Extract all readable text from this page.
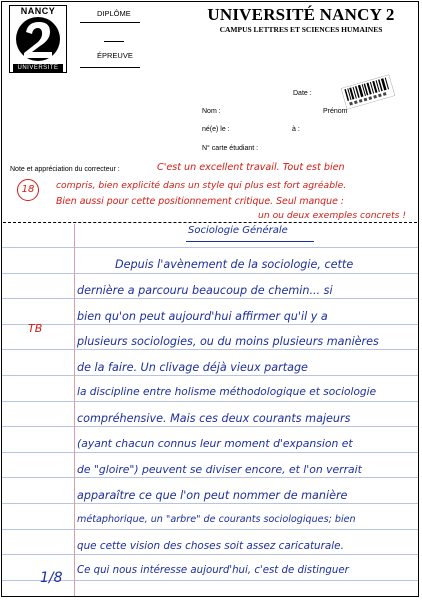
NANCY
UNIVERSITÉ
DIPLÔME
ÉPREUVE
UNIVERSITÉ NANCY 2
CAMPUS LETTRES ET SCIENCES HUMAINES
Date :
Nom :	Prénom
né(e) le :	à :
N° carte étudiant :
Note et appréciation du correcteur :
18
C'est un excellent travail. Tout est bien
compris, bien explicité dans un style qui plus est fort agréable.
Bien aussi pour cette positionnement critique. Seul manque :
un ou deux exemples concrets !
Sociologie Générale
TB
Depuis l'avènement de la sociologie, cette
dernière a parcouru beaucoup de chemin... si
bien qu'on peut aujourd'hui affirmer qu'il y a
plusieurs sociologies, ou du moins plusieurs manières
de la faire. Un clivage déjà vieux partage
la discipline entre holisme méthodologique et sociologie
compréhensive. Mais ces deux courants majeurs
(ayant chacun connus leur moment d'expansion et
de "gloire") peuvent se diviser encore, et l'on verrait
apparaître ce que l'on peut nommer de manière
métaphorique, un "arbre" de courants sociologiques; bien
que cette vision des choses soit assez caricaturale.
Ce qui nous intéresse aujourd'hui, c'est de distinguer
1/8
